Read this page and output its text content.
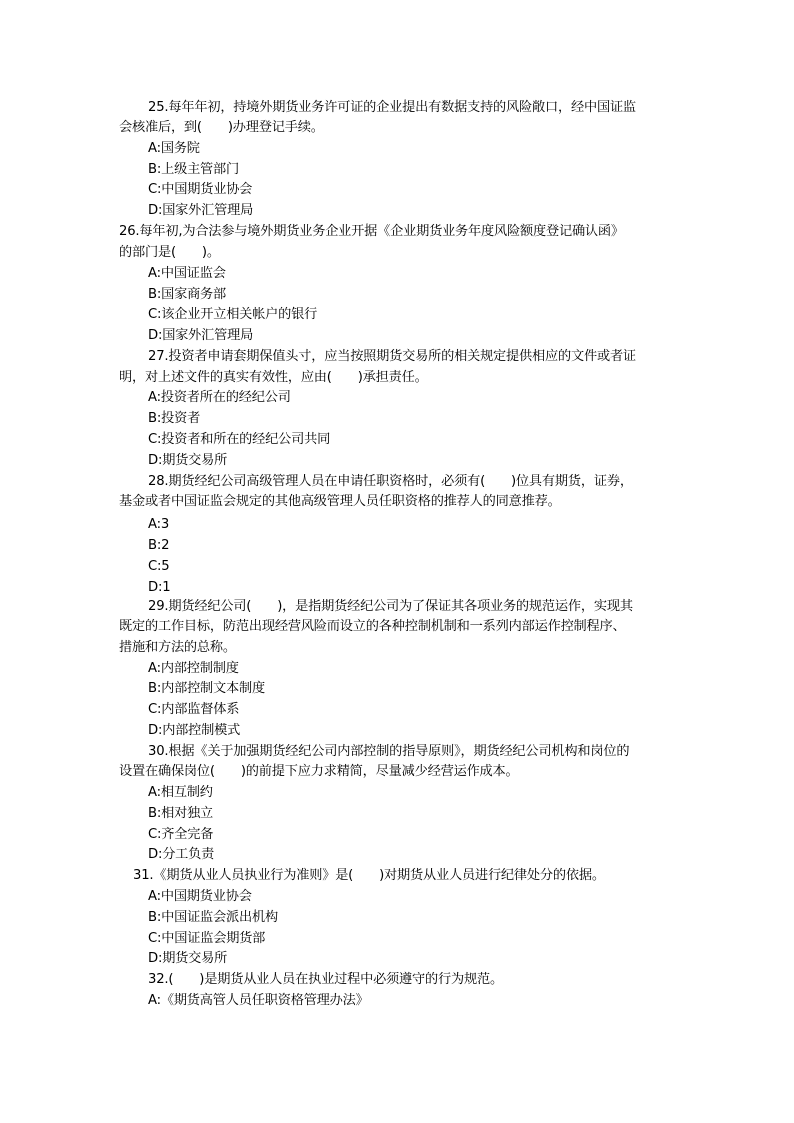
25.每年年初，持境外期货业务许可证的企业提出有数据支持的风险敞口，经中国证监
会核准后，到(　　)办理登记手续。
A:国务院
B:上级主管部门
C:中国期货业协会
D:国家外汇管理局
26.每年初,为合法参与境外期货业务企业开据《企业期货业务年度风险额度登记确认函》
的部门是(　　)。
A:中国证监会
B:国家商务部
C:该企业开立相关帐户的银行
D:国家外汇管理局
27.投资者申请套期保值头寸，应当按照期货交易所的相关规定提供相应的文件或者证
明，对上述文件的真实有效性，应由(　　)承担责任。
A:投资者所在的经纪公司
B:投资者
C:投资者和所在的经纪公司共同
D:期货交易所
28.期货经纪公司高级管理人员在申请任职资格时，必须有(　　)位具有期货，证券，
基金或者中国证监会规定的其他高级管理人员任职资格的推荐人的同意推荐。
A:3
B:2
C:5
D:1
29.期货经纪公司(　　)，是指期货经纪公司为了保证其各项业务的规范运作，实现其
既定的工作目标，防范出现经营风险而设立的各种控制机制和一系列内部运作控制程序、
措施和方法的总称。
A:内部控制制度
B:内部控制文本制度
C:内部监督体系
D:内部控制模式
30.根据《关于加强期货经纪公司内部控制的指导原则》，期货经纪公司机构和岗位的
设置在确保岗位(　　)的前提下应力求精简，尽量减少经营运作成本。
A:相互制约
B:相对独立
C:齐全完备
D:分工负责
31.《期货从业人员执业行为准则》是(　　)对期货从业人员进行纪律处分的依据。
A:中国期货业协会
B:中国证监会派出机构
C:中国证监会期货部
D:期货交易所
32.(　　)是期货从业人员在执业过程中必须遵守的行为规范。
A:《期货高管人员任职资格管理办法》
